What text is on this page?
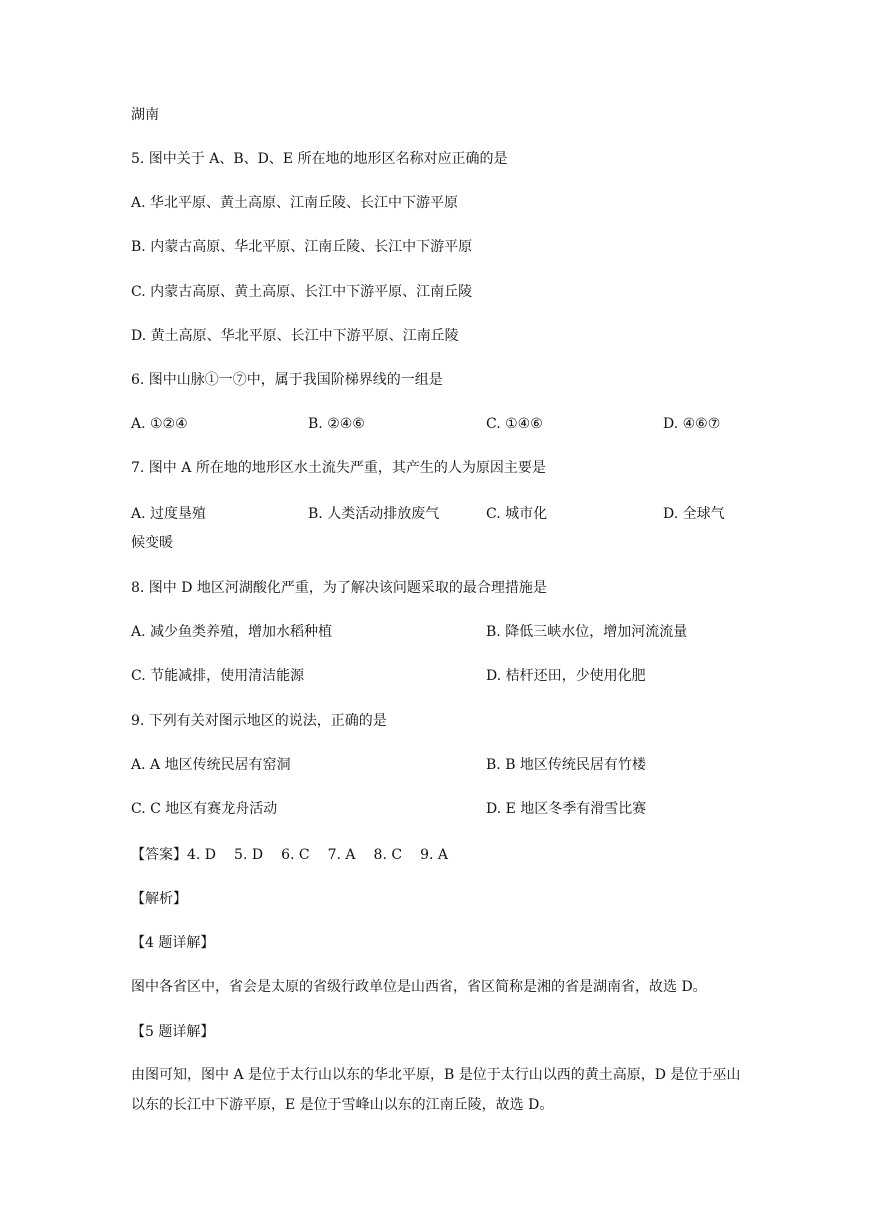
湖南
5. 图中关于 A、B、D、E 所在地的地形区名称对应正确的是
A. 华北平原、黄土高原、江南丘陵、长江中下游平原
B. 内蒙古高原、华北平原、江南丘陵、长江中下游平原
C. 内蒙古高原、黄土高原、长江中下游平原、江南丘陵
D. 黄土高原、华北平原、长江中下游平原、江南丘陵
6. 图中山脉①一⑦中，属于我国阶梯界线的一组是
A. ①②④	B. ②④⑥	C. ①④⑥	D. ④⑥⑦
7. 图中 A 所在地的地形区水土流失严重，其产生的人为原因主要是
A. 过度垦殖	B. 人类活动排放废气	C. 城市化	D. 全球气
候变暖
8. 图中 D 地区河湖酸化严重，为了解决该问题采取的最合理措施是
A. 减少鱼类养殖，增加水稻种植	B. 降低三峡水位，增加河流流量
C. 节能减排，使用清洁能源	D. 桔杆还田，少使用化肥
9. 下列有关对图示地区的说法，正确的是
A. A 地区传统民居有窑洞	B. B 地区传统民居有竹楼
C. C 地区有赛龙舟活动	D. E 地区冬季有滑雪比赛
【答案】4. D 5. D 6. C 7. A 8. C 9. A
【解析】
【4 题详解】
图中各省区中，省会是太原的省级行政单位是山西省，省区简称是湘的省是湖南省，故选 D。
【5 题详解】
由图可知，图中 A 是位于太行山以东的华北平原，B 是位于太行山以西的黄土高原，D 是位于巫山以东的长江中下游平原，E 是位于雪峰山以东的江南丘陵，故选 D。
